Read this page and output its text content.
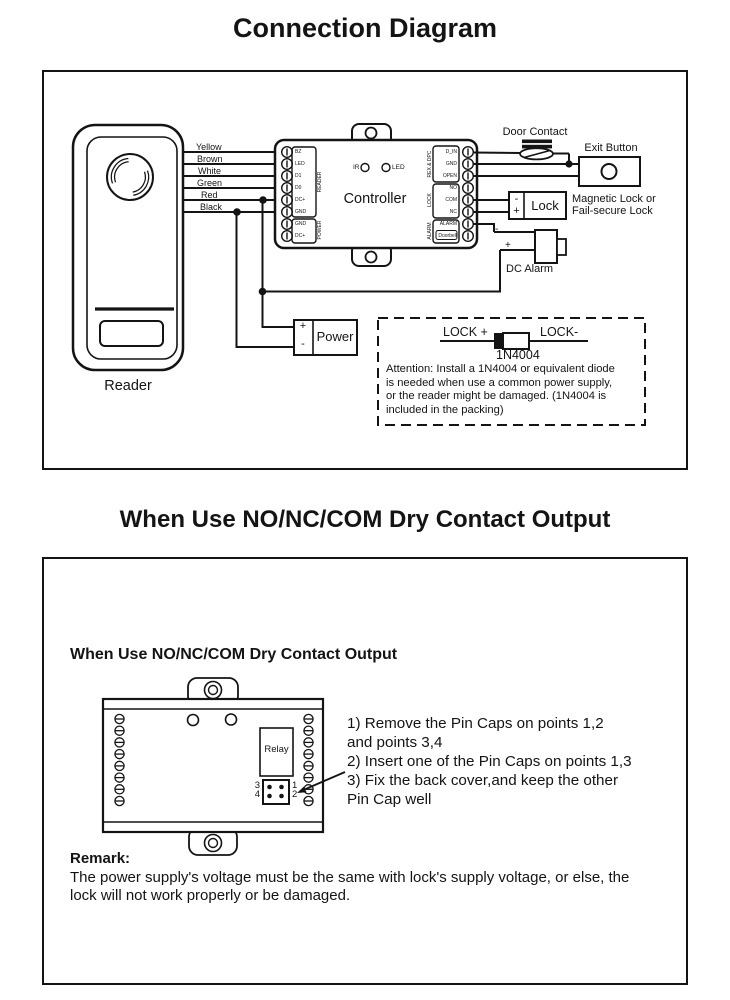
Connection Diagram
When Use NO/NC/COM Dry Contact Output
Yellow
Brown
White
Green
Red
Black
BZ
LED
D1
D0
DC+
GND
GND
DC+
READER
POWER
D_IN
GND
OPEN
NO
COM
NC
ALARM
Doorbell
REX & DPC
LOCK
ALARM
IR	LED
Controller
Door Contact
Exit Button
-
+ Lock	Magnetic Lock or
Fail-secure Lock
-
+
DC Alarm
+
- Power	LOCK +	LOCK-
1N4004
Attention: Install a 1N4004 or equivalent diode
is needed when use a common power supply,
or the reader might be damaged. (1N4004 is
included in the packing)
Reader
When Use NO/NC/COM Dry Contact Output
Relay
3
4
1
2
1) Remove the Pin Caps on points 1,2
and points 3,4
2) Insert one of the Pin Caps on points 1,3
3) Fix the back cover,and keep the other
Pin Cap well
Remark:
The power supply's voltage must be the same with lock's supply voltage, or else, the
lock will not work properly or be damaged.
